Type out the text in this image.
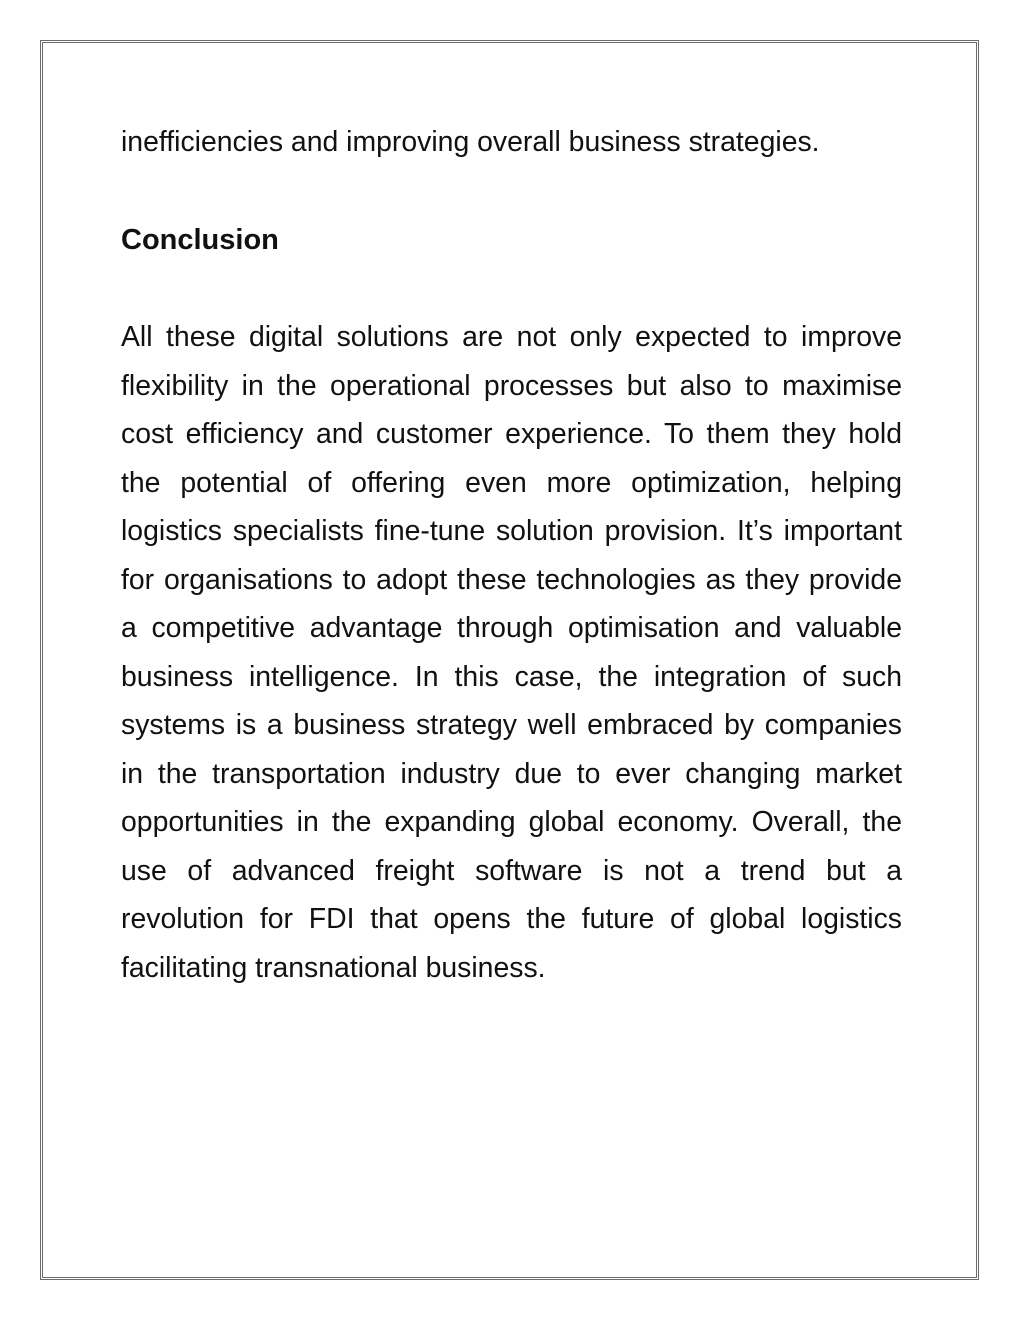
inefficiencies and improving overall business strategies.

Conclusion

All these digital solutions are not only expected to improve flexibility in the operational processes but also to maximise cost efficiency and customer experience. To them they hold the potential of offering even more optimization, helping logistics specialists fine-tune solution provision. It’s important for organisations to adopt these technologies as they provide a competitive advantage through optimisation and valuable business intelligence. In this case, the integration of such systems is a business strategy well embraced by companies in the transportation industry due to ever changing market opportunities in the expanding global economy. Overall, the use of advanced freight software is not a trend but a revolution for FDI that opens the future of global logistics facilitating transnational business.
